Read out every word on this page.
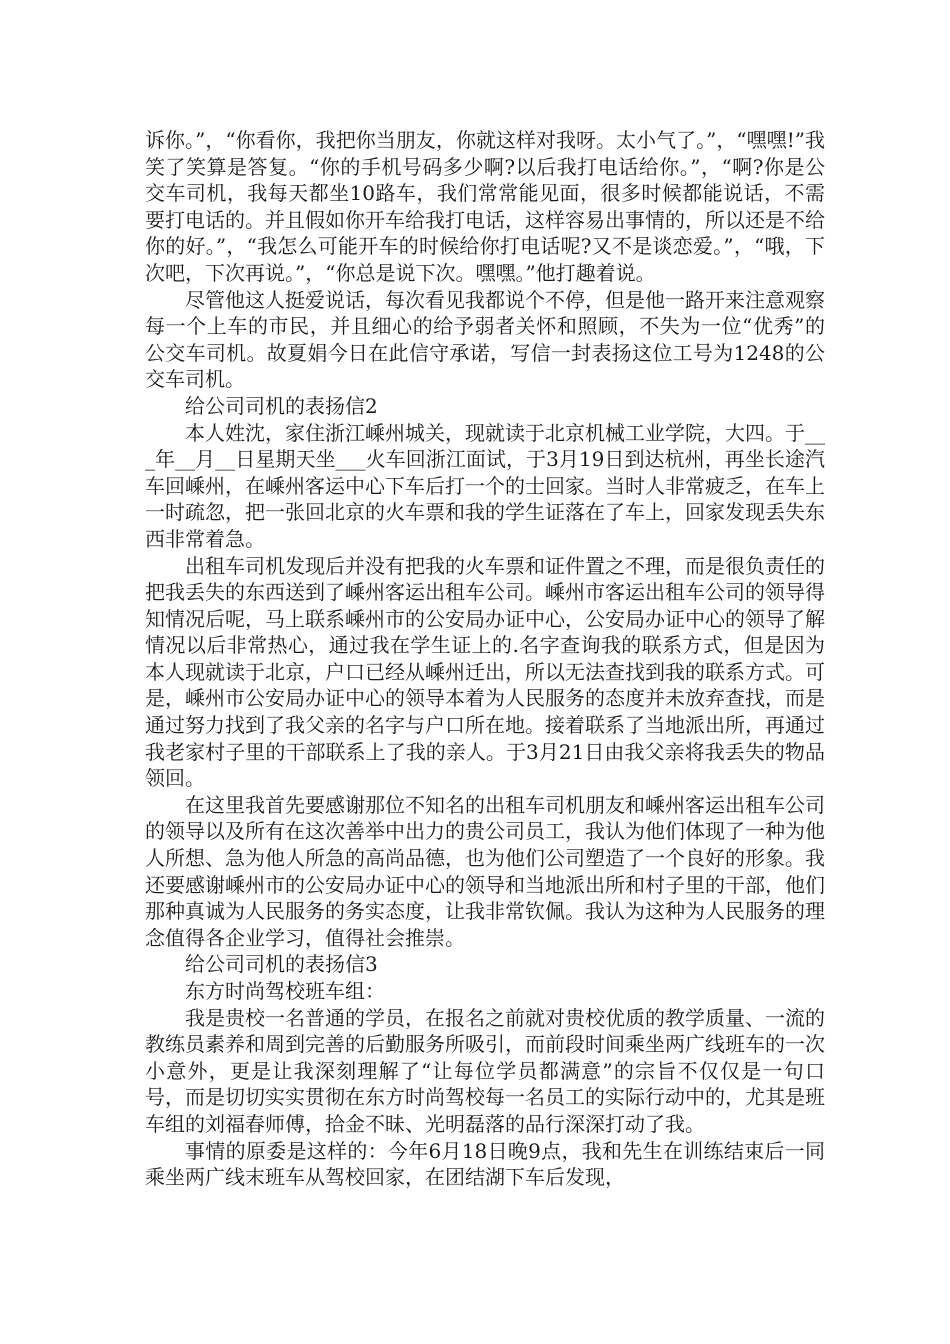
诉你。”，“你看你，我把你当朋友，你就这样对我呀。太小气了。”，“嘿嘿!”我笑了笑算是答复。“你的手机号码多少啊?以后我打电话给你。”，“啊?你是公交车司机，我每天都坐10路车，我们常常能见面，很多时候都能说话，不需要打电话的。并且假如你开车给我打电话，这样容易出事情的，所以还是不给你的好。”，“我怎么可能开车的时候给你打电话呢?又不是谈恋爱。”，“哦，下次吧，下次再说。”，“你总是说下次。嘿嘿。”他打趣着说。

尽管他这人挺爱说话，每次看见我都说个不停，但是他一路开来注意观察每一个上车的市民，并且细心的给予弱者关怀和照顾，不失为一位“优秀”的公交车司机。故夏娟今日在此信守承诺，写信一封表扬这位工号为1248的公交车司机。

给公司司机的表扬信2

本人姓沈，家住浙江嵊州城关，现就读于北京机械工业学院，大四。于___年__月__日星期天坐___火车回浙江面试，于3月19日到达杭州，再坐长途汽车回嵊州，在嵊州客运中心下车后打一个的士回家。当时人非常疲乏，在车上一时疏忽，把一张回北京的火车票和我的学生证落在了车上，回家发现丢失东西非常着急。

出租车司机发现后并没有把我的火车票和证件置之不理，而是很负责任的把我丢失的东西送到了嵊州客运出租车公司。嵊州市客运出租车公司的领导得知情况后呢，马上联系嵊州市的公安局办证中心，公安局办证中心的领导了解情况以后非常热心，通过我在学生证上的.名字查询我的联系方式，但是因为本人现就读于北京，户口已经从嵊州迁出，所以无法查找到我的联系方式。可是，嵊州市公安局办证中心的领导本着为人民服务的态度并未放弃查找，而是通过努力找到了我父亲的名字与户口所在地。接着联系了当地派出所，再通过我老家村子里的干部联系上了我的亲人。于3月21日由我父亲将我丢失的物品领回。

在这里我首先要感谢那位不知名的出租车司机朋友和嵊州客运出租车公司的领导以及所有在这次善举中出力的贵公司员工，我认为他们体现了一种为他人所想、急为他人所急的高尚品德，也为他们公司塑造了一个良好的形象。我还要感谢嵊州市的公安局办证中心的领导和当地派出所和村子里的干部，他们那种真诚为人民服务的务实态度，让我非常钦佩。我认为这种为人民服务的理念值得各企业学习，值得社会推崇。

给公司司机的表扬信3

东方时尚驾校班车组：

我是贵校一名普通的学员，在报名之前就对贵校优质的教学质量、一流的教练员素养和周到完善的后勤服务所吸引，而前段时间乘坐两广线班车的一次小意外，更是让我深刻理解了“让每位学员都满意”的宗旨不仅仅是一句口号，而是切切实实贯彻在东方时尚驾校每一名员工的实际行动中的，尤其是班车组的刘福春师傅，拾金不昧、光明磊落的品行深深打动了我。

事情的原委是这样的：今年6月18日晚9点，我和先生在训练结束后一同乘坐两广线末班车从驾校回家，在团结湖下车后发现，
